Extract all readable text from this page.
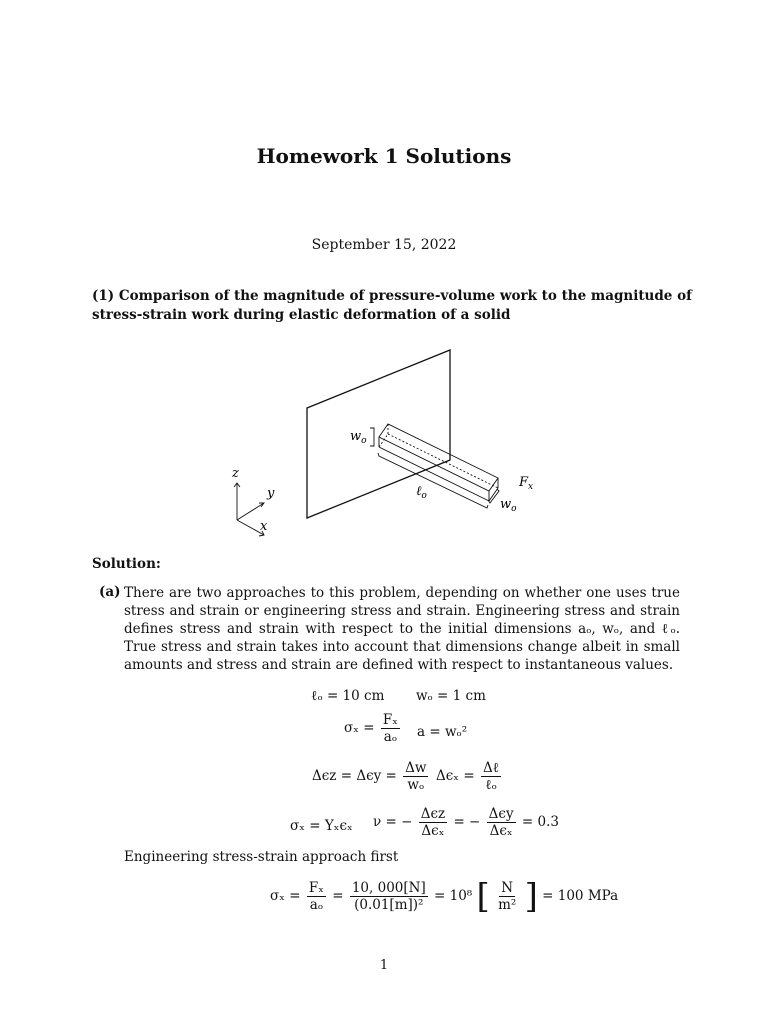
Homework 1 Solutions
September 15, 2022
(1) Comparison of the magnitude of pressure-volume work to the magnitude of stress-strain work during elastic deformation of a solid
$w_o$
ℓ$_o$
$w_o$
$F_x$
z
y
x
Solution:
(a) There are two approaches to this problem, depending on whether one uses true stress and strain or engineering stress and strain. Engineering stress and strain defines stress and strain with respect to the initial dimensions aₒ, wₒ, and ℓₒ. True stress and strain takes into account that dimensions change albeit in small amounts and stress and strain are defined with respect to instantaneous values.
ℓₒ = 10 cm wₒ = 1 cm
$\sigma_x = \frac{\text{Fₓ}}{\text{aₒ}}$ a = wₒ²
$\Delta\epsilon z = \Delta\epsilon y = \frac{\Delta w}{\text{wₒ}}$ $\Delta\epsilon_x = \frac{\text{Δℓ}}{\text{ℓₒ}}$
σₓ = Yₓϵₓ ν = − $\frac{\text{Δϵz}}{\text{Δϵₓ}}$ = − $\frac{\text{Δϵy}}{\text{Δϵₓ}} = 0.3$
Engineering stress-strain approach first
$\sigma_x = \frac{\text{Fₓ}}{\text{aₒ}} = \frac{10, 000[N]}{\text{(0.01[m])²}} = 10^8$ [ $\frac{N}{\text{m²}}$ ] = 100 MPa
1
